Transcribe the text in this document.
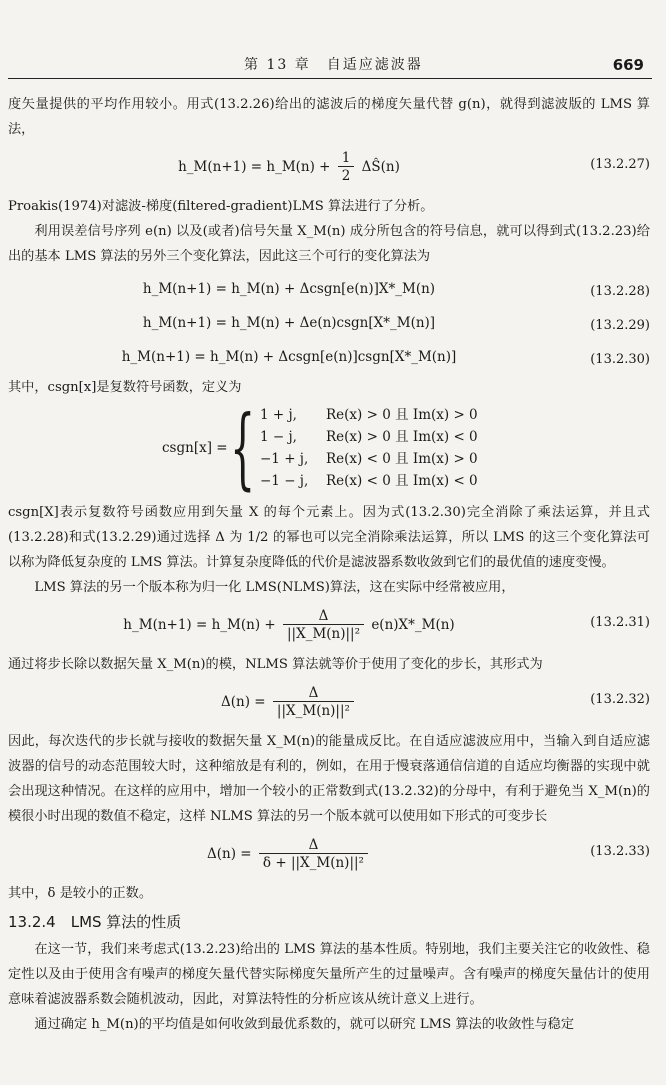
第 13 章　自适应滤波器	669

度矢量提供的平均作用较小。用式(13.2.26)给出的滤波后的梯度矢量代替 g(n)，就得到滤波版的 LMS 算法，

h_M(n+1) = h_M(n) + $\frac{1}{2}$ ΔŜ(n)	(13.2.27)

Proakis(1974)对滤波-梯度(filtered-gradient)LMS 算法进行了分析。

利用误差信号序列 e(n) 以及(或者)信号矢量 X_M(n) 成分所包含的符号信息，就可以得到式(13.2.23)给出的基本 LMS 算法的另外三个变化算法，因此这三个可行的变化算法为

h_M(n+1) = h_M(n) + Δcsgn[e(n)]X*_M(n)	(13.2.28)
h_M(n+1) = h_M(n) + Δe(n)csgn[X*_M(n)]	(13.2.29)
h_M(n+1) = h_M(n) + Δcsgn[e(n)]csgn[X*_M(n)]	(13.2.30)

其中，csgn[x]是复数符号函数，定义为

csgn[x] = { 1 + j, Re(x) > 0 且 Im(x) > 0
1 − j, Re(x) > 0 且 Im(x) < 0
−1 + j, Re(x) < 0 且 Im(x) > 0
−1 − j, Re(x) < 0 且 Im(x) < 0

csgn[X]表示复数符号函数应用到矢量 X 的每个元素上。因为式(13.2.30)完全消除了乘法运算，并且式(13.2.28)和式(13.2.29)通过选择 Δ 为 1/2 的幂也可以完全消除乘法运算，所以 LMS 的这三个变化算法可以称为降低复杂度的 LMS 算法。计算复杂度降低的代价是滤波器系数收敛到它们的最优值的速度变慢。

LMS 算法的另一个版本称为归一化 LMS(NLMS)算法，这在实际中经常被应用，

h_M(n+1) = h_M(n) + $\frac{\Delta}{\text{||X\_M(n)||²}}$ e(n)X*_M(n)	(13.2.31)

通过将步长除以数据矢量 X_M(n)的模，NLMS 算法就等价于使用了变化的步长，其形式为

$\Delta(n) = \frac{\Delta}{\text{||X\_M(n)||²}}$	(13.2.32)

因此，每次迭代的步长就与接收的数据矢量 X_M(n)的能量成反比。在自适应滤波应用中，当输入到自适应滤波器的信号的动态范围较大时，这种缩放是有利的，例如，在用于慢衰落通信信道的自适应均衡器的实现中就会出现这种情况。在这样的应用中，增加一个较小的正常数到式(13.2.32)的分母中，有利于避免当 X_M(n)的模很小时出现的数值不稳定，这样 NLMS 算法的另一个版本就可以使用如下形式的可变步长

$\Delta(n) = \frac{\Delta}{\text{δ + ||X\_M(n)||²}}$	(13.2.33)

其中，δ 是较小的正数。

13.2.4　LMS 算法的性质

在这一节，我们来考虑式(13.2.23)给出的 LMS 算法的基本性质。特别地，我们主要关注它的收敛性、稳定性以及由于使用含有噪声的梯度矢量代替实际梯度矢量所产生的过量噪声。含有噪声的梯度矢量估计的使用意味着滤波器系数会随机波动，因此，对算法特性的分析应该从统计意义上进行。

通过确定 h_M(n)的平均值是如何收敛到最优系数的，就可以研究 LMS 算法的收敛性与稳定
